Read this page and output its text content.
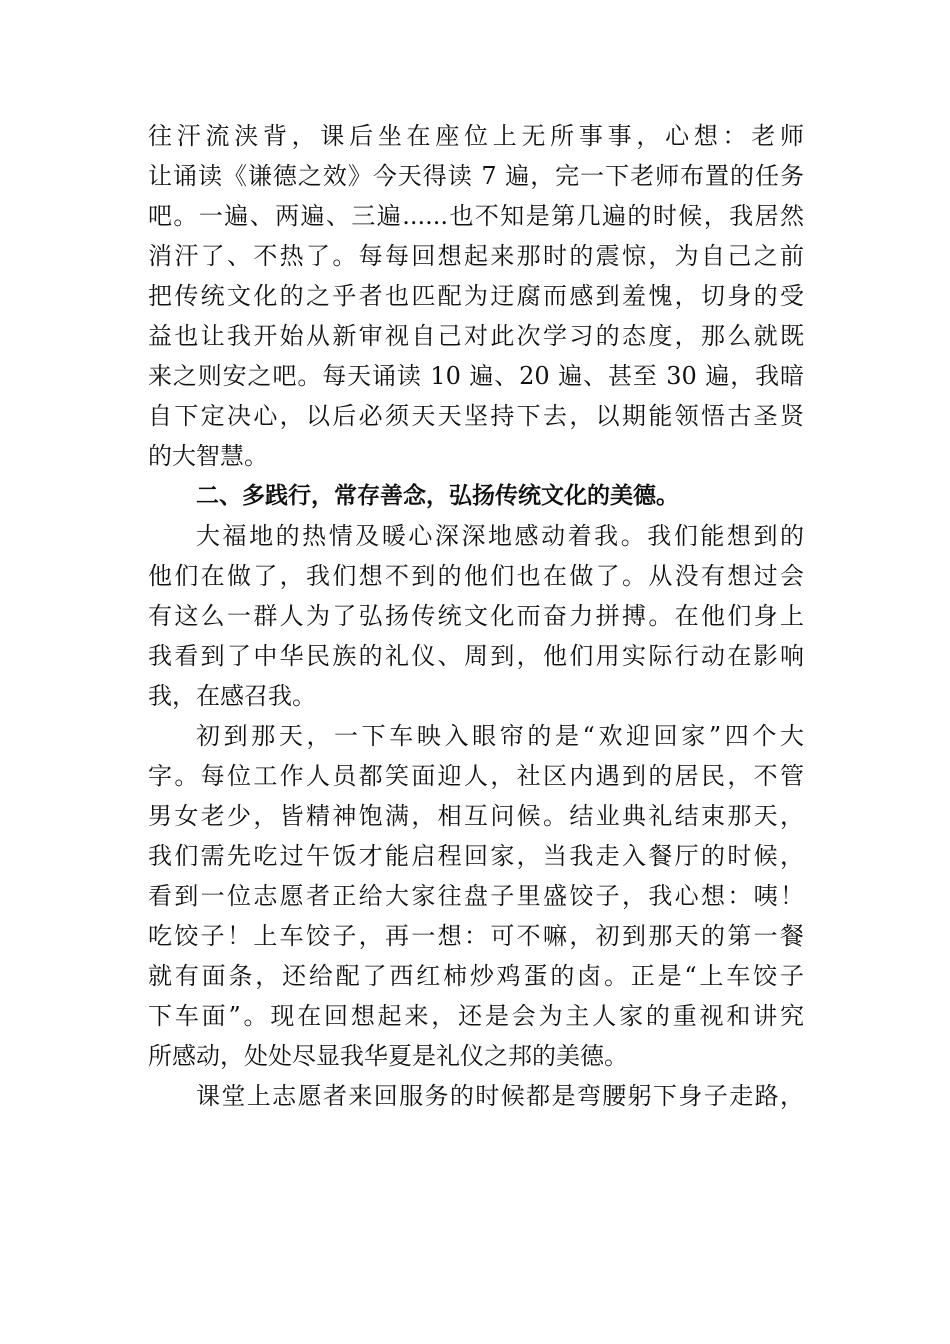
往汗流浃背，课后坐在座位上无所事事，心想：老师
让诵读《谦德之效》今天得读 7 遍，完一下老师布置的任务
吧。一遍、两遍、三遍......也不知是第几遍的时候，我居然
消汗了、不热了。每每回想起来那时的震惊，为自己之前
把传统文化的之乎者也匹配为迂腐而感到羞愧，切身的受
益也让我开始从新审视自己对此次学习的态度，那么就既
来之则安之吧。每天诵读 10 遍、20 遍、甚至 30 遍，我暗
自下定决心，以后必须天天坚持下去，以期能领悟古圣贤
的大智慧。
二、多践行，常存善念，弘扬传统文化的美德。
大福地的热情及暖心深深地感动着我。我们能想到的
他们在做了，我们想不到的他们也在做了。从没有想过会
有这么一群人为了弘扬传统文化而奋力拼搏。在他们身上
我看到了中华民族的礼仪、周到，他们用实际行动在影响
我，在感召我。
初到那天，一下车映入眼帘的是“欢迎回家”四个大
字。每位工作人员都笑面迎人，社区内遇到的居民，不管
男女老少，皆精神饱满，相互问候。结业典礼结束那天，
我们需先吃过午饭才能启程回家，当我走入餐厅的时候，
看到一位志愿者正给大家往盘子里盛饺子，我心想：咦！
吃饺子！上车饺子，再一想：可不嘛，初到那天的第一餐
就有面条，还给配了西红柿炒鸡蛋的卤。正是“上车饺子
下车面”。现在回想起来，还是会为主人家的重视和讲究
所感动，处处尽显我华夏是礼仪之邦的美德。
课堂上志愿者来回服务的时候都是弯腰躬下身子走路，
